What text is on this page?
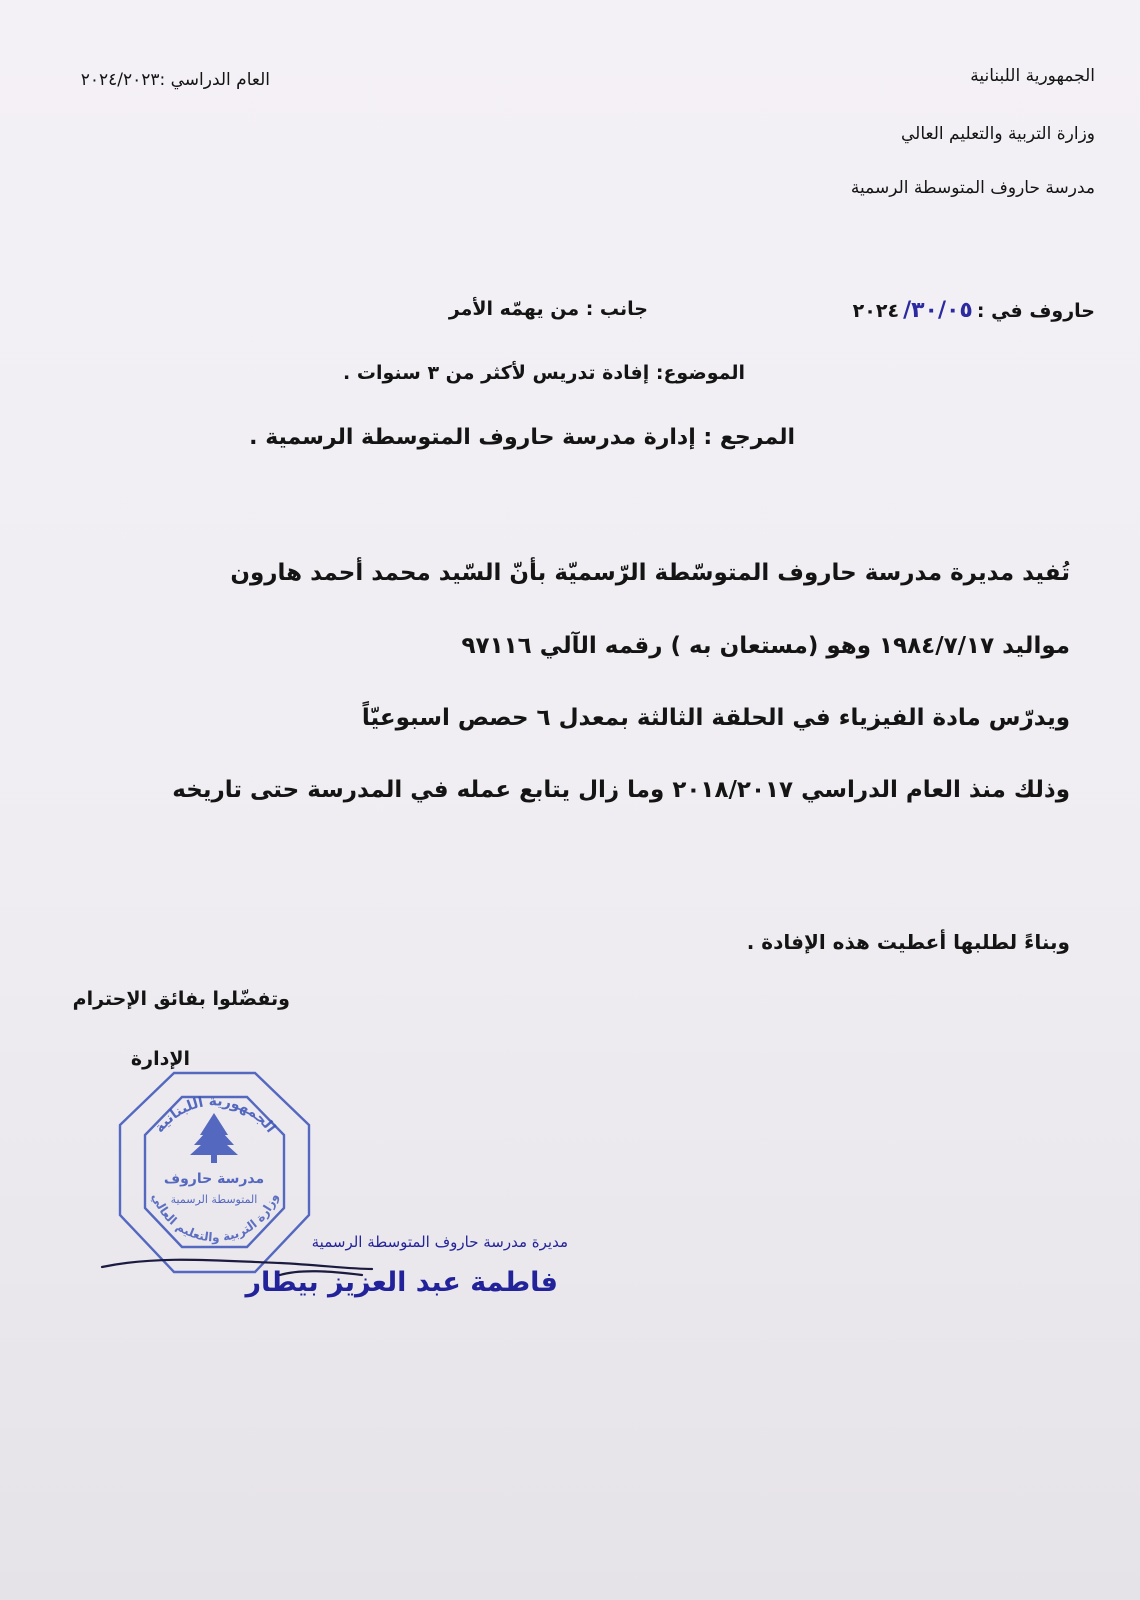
الجمهورية اللبنانية
وزارة التربية والتعليم العالي
مدرسة حاروف المتوسطة الرسمية
العام الدراسي :٢٠٢٤/٢٠٢٣
حاروف في :
٣٠/٠٥/
٢٠٢٤
جانب : من يهمّه الأمر
الموضوع: إفادة تدريس لأكثر من ٣ سنوات .
المرجع : إدارة مدرسة حاروف المتوسطة الرسمية .
تُفيد مديرة مدرسة حاروف المتوسّطة الرّسميّة بأنّ السّيد محمد أحمد هارون
مواليد ١٩٨٤/٧/١٧ وهو (مستعان به ) رقمه الآلي ٩٧١١٦
ويدرّس مادة الفيزياء في الحلقة الثالثة بمعدل ٦ حصص اسبوعيّاً
وذلك منذ العام الدراسي ٢٠١٨/٢٠١٧ وما زال يتابع عمله في المدرسة حتى تاريخه
وبناءً لطلبها أعطيت هذه الإفادة .
وتفضّلوا بفائق الإحترام
الإدارة
الجمهورية اللبنانية
وزارة التربية والتعليم العالي
مدرسة حاروف
المتوسطة الرسمية
مديرة مدرسة حاروف المتوسطة الرسمية
فاطمة عبد العزيز بيطار
